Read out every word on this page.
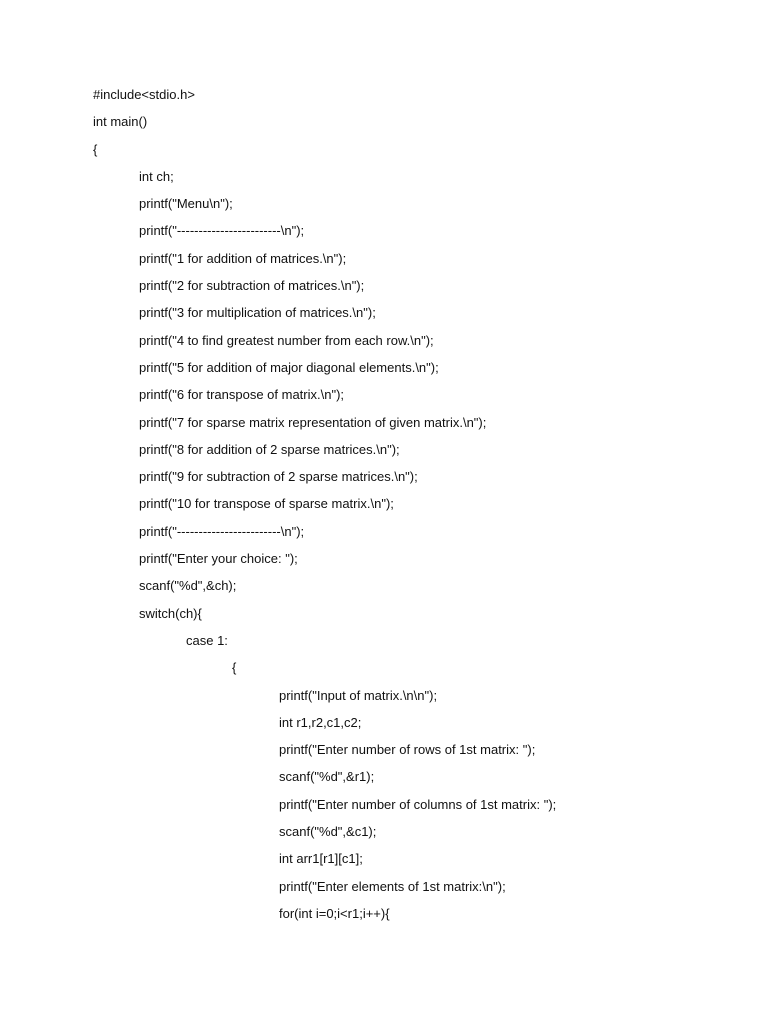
#include<stdio.h>
int main()
{
int ch;
printf("Menu\n");
printf("------------------------\n");
printf("1 for addition of matrices.\n");
printf("2 for subtraction of matrices.\n");
printf("3 for multiplication of matrices.\n");
printf("4 to find greatest number from each row.\n");
printf("5 for addition of major diagonal elements.\n");
printf("6 for transpose of matrix.\n");
printf("7 for sparse matrix representation of given matrix.\n");
printf("8 for addition of 2 sparse matrices.\n");
printf("9 for subtraction of 2 sparse matrices.\n");
printf("10 for transpose of sparse matrix.\n");
printf("------------------------\n");
printf("Enter your choice: ");
scanf("%d",&ch);
switch(ch){
case 1:
{
printf("Input of matrix.\n\n");
int r1,r2,c1,c2;
printf("Enter number of rows of 1st matrix: ");
scanf("%d",&r1);
printf("Enter number of columns of 1st matrix: ");
scanf("%d",&c1);
int arr1[r1][c1];
printf("Enter elements of 1st matrix:\n");
for(int i=0;i<r1;i++){
